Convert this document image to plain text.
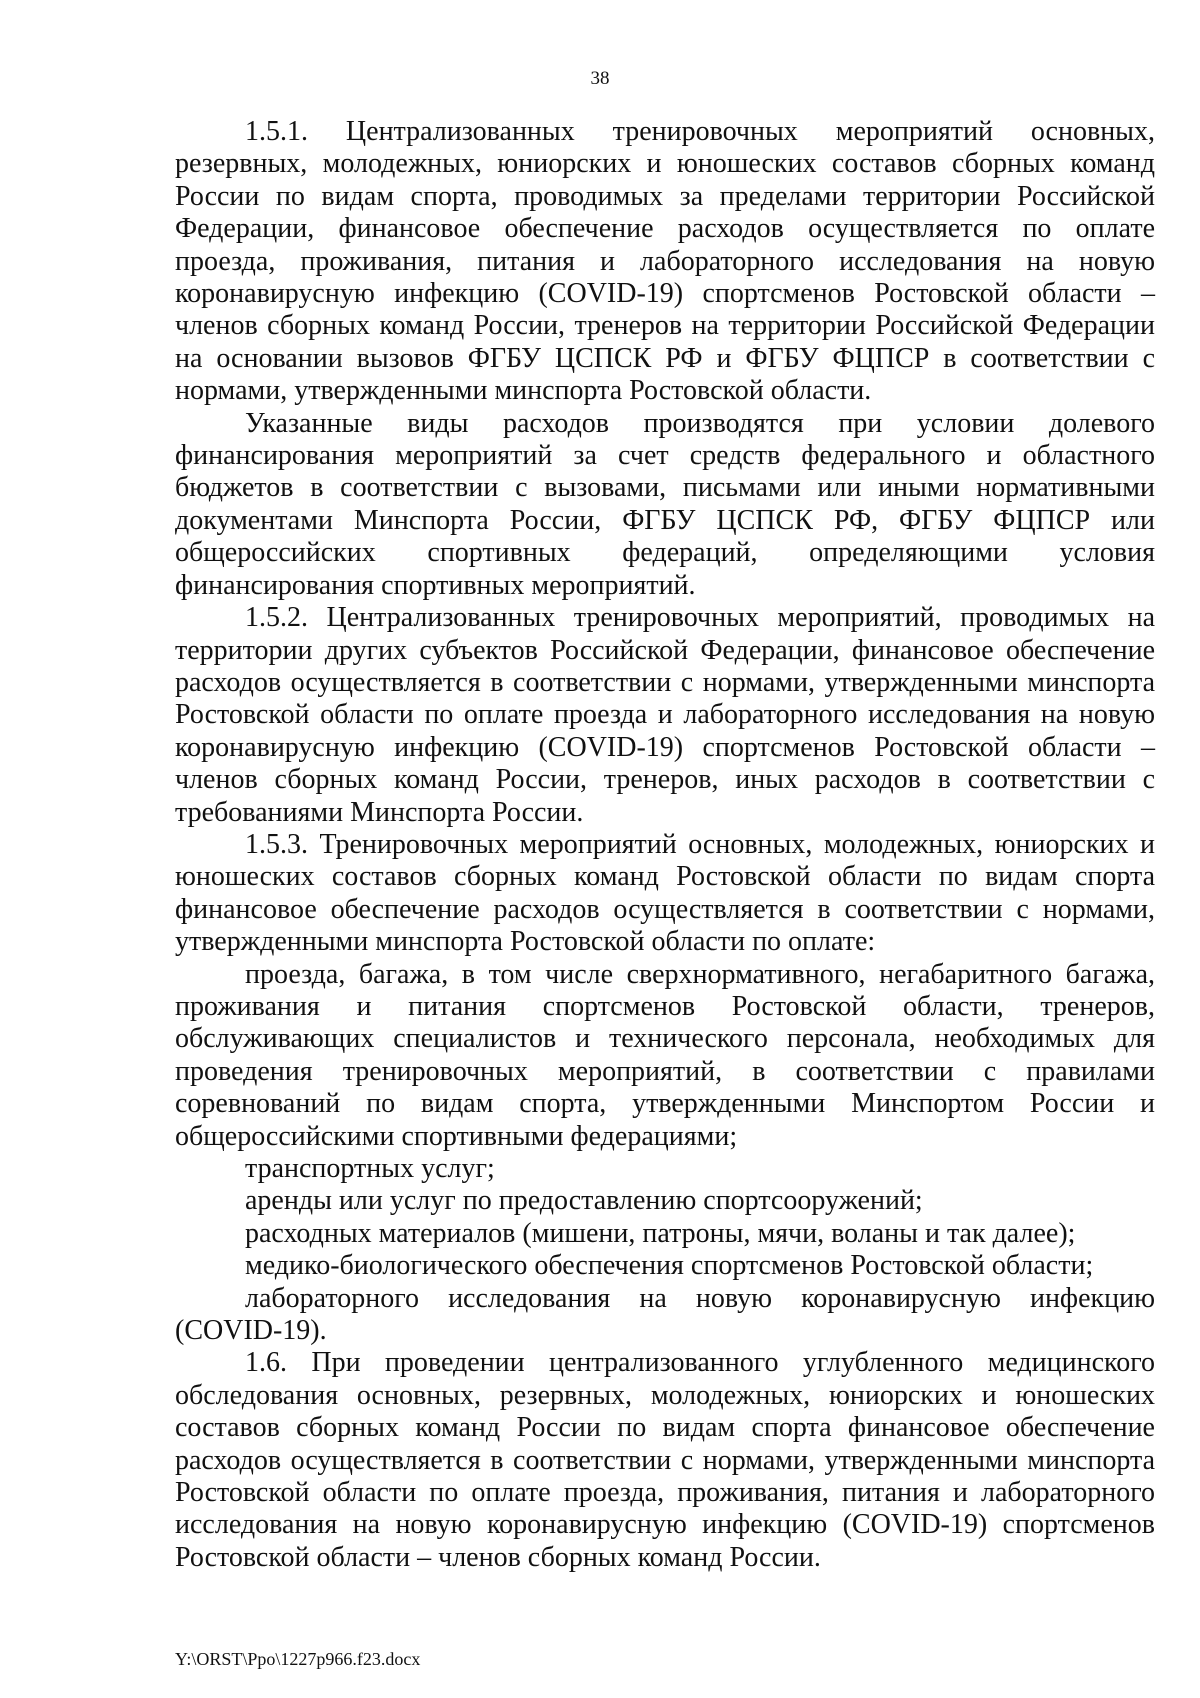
38

1.5.1. Централизованных тренировочных мероприятий основных, резервных, молодежных, юниорских и юношеских составов сборных команд России по видам спорта, проводимых за пределами территории Российской Федерации, финансовое обеспечение расходов осуществляется по оплате проезда, проживания, питания и лабораторного исследования на новую коронавирусную инфекцию (COVID-19) спортсменов Ростовской области – членов сборных команд России, тренеров на территории Российской Федерации на основании вызовов ФГБУ ЦСПСК РФ и ФГБУ ФЦПСР в соответствии с нормами, утвержденными минспорта Ростовской области.

Указанные виды расходов производятся при условии долевого финансирования мероприятий за счет средств федерального и областного бюджетов в соответствии с вызовами, письмами или иными нормативными документами Минспорта России, ФГБУ ЦСПСК РФ, ФГБУ ФЦПСР или общероссийских спортивных федераций, определяющими условия финансирования спортивных мероприятий.

1.5.2. Централизованных тренировочных мероприятий, проводимых на территории других субъектов Российской Федерации, финансовое обеспечение расходов осуществляется в соответствии с нормами, утвержденными минспорта Ростовской области по оплате проезда и лабораторного исследования на новую коронавирусную инфекцию (COVID-19) спортсменов Ростовской области – членов сборных команд России, тренеров, иных расходов в соответствии с требованиями Минспорта России.

1.5.3. Тренировочных мероприятий основных, молодежных, юниорских и юношеских составов сборных команд Ростовской области по видам спорта финансовое обеспечение расходов осуществляется в соответствии с нормами, утвержденными минспорта Ростовской области по оплате:

проезда, багажа, в том числе сверхнормативного, негабаритного багажа, проживания и питания спортсменов Ростовской области, тренеров, обслуживающих специалистов и технического персонала, необходимых для проведения тренировочных мероприятий, в соответствии с правилами соревнований по видам спорта, утвержденными Минспортом России и общероссийскими спортивными федерациями;

транспортных услуг;

аренды или услуг по предоставлению спортсооружений;

расходных материалов (мишени, патроны, мячи, воланы и так далее);

медико-биологического обеспечения спортсменов Ростовской области;

лабораторного исследования на новую коронавирусную инфекцию (COVID-19).

1.6. При проведении централизованного углубленного медицинского обследования основных, резервных, молодежных, юниорских и юношеских составов сборных команд России по видам спорта финансовое обеспечение расходов осуществляется в соответствии с нормами, утвержденными минспорта Ростовской области по оплате проезда, проживания, питания и лабораторного исследования на новую коронавирусную инфекцию (COVID-19) спортсменов Ростовской области – членов сборных команд России.

Y:\ORST\Ppo\1227p966.f23.docx
